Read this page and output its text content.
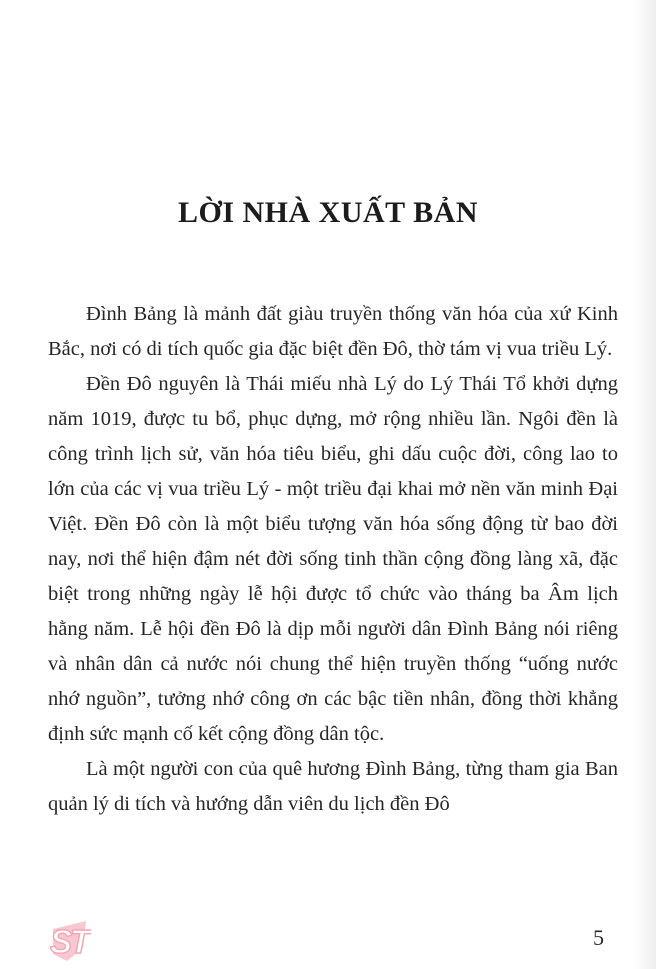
LỜI NHÀ XUẤT BẢN

Đình Bảng là mảnh đất giàu truyền thống văn hóa của xứ Kinh Bắc, nơi có di tích quốc gia đặc biệt đền Đô, thờ tám vị vua triều Lý.

Đền Đô nguyên là Thái miếu nhà Lý do Lý Thái Tổ khởi dựng năm 1019, được tu bổ, phục dựng, mở rộng nhiều lần. Ngôi đền là công trình lịch sử, văn hóa tiêu biểu, ghi dấu cuộc đời, công lao to lớn của các vị vua triều Lý - một triều đại khai mở nền văn minh Đại Việt. Đền Đô còn là một biểu tượng văn hóa sống động từ bao đời nay, nơi thể hiện đậm nét đời sống tinh thần cộng đồng làng xã, đặc biệt trong những ngày lễ hội được tổ chức vào tháng ba Âm lịch hằng năm. Lễ hội đền Đô là dịp mỗi người dân Đình Bảng nói riêng và nhân dân cả nước nói chung thể hiện truyền thống “uống nước nhớ nguồn”, tưởng nhớ công ơn các bậc tiền nhân, đồng thời khẳng định sức mạnh cố kết cộng đồng dân tộc.

Là một người con của quê hương Đình Bảng, từng tham gia Ban quản lý di tích và hướng dẫn viên du lịch đền Đô

ST	5
